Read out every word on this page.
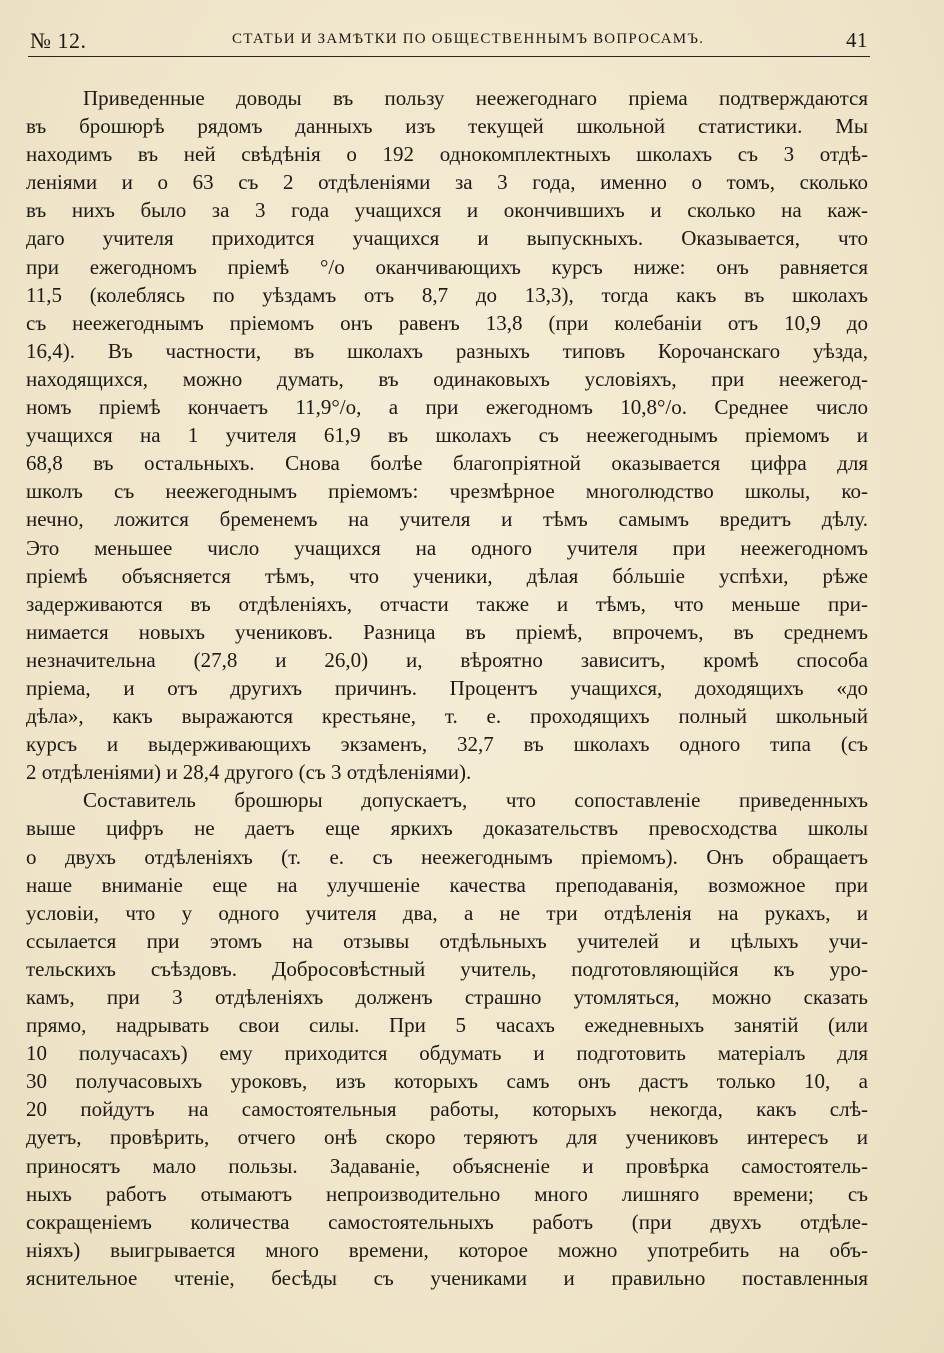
№ 12.	СТАТЬИ И ЗАМѢТКИ ПО ОБЩЕСТВЕННЫМЪ ВОПРОСАМЪ.	41
Приведенные доводы въ пользу неежегоднаго пріема подтверждаются
въ брошюрѣ рядомъ данныхъ изъ текущей школьной статистики. Мы
находимъ въ ней свѣдѣнія о 192 однокомплектныхъ школахъ съ 3 отдѣ-
леніями и о 63 съ 2 отдѣленіями за 3 года, именно о томъ, сколько
въ нихъ было за 3 года учащихся и окончившихъ и сколько на каж-
даго учителя приходится учащихся и выпускныхъ. Оказывается, что
при ежегодномъ пріемѣ °/о оканчивающихъ курсъ ниже: онъ равняется
11,5 (колеблясь по уѣздамъ отъ 8,7 до 13,3), тогда какъ въ школахъ
съ неежегоднымъ пріемомъ онъ равенъ 13,8 (при колебаніи отъ 10,9 до
16,4). Въ частности, въ школахъ разныхъ типовъ Корочанскаго уѣзда,
находящихся, можно думать, въ одинаковыхъ условіяхъ, при неежегод-
номъ пріемѣ кончаетъ 11,9°/о, а при ежегодномъ 10,8°/о. Среднее число
учащихся на 1 учителя 61,9 въ школахъ съ неежегоднымъ пріемомъ и
68,8 въ остальныхъ. Снова болѣе благопріятной оказывается цифра для
школъ съ неежегоднымъ пріемомъ: чрезмѣрное многолюдство школы, ко-
нечно, ложится бременемъ на учителя и тѣмъ самымъ вредитъ дѣлу.
Это меньшее число учащихся на одного учителя при неежегодномъ
пріемѣ объясняется тѣмъ, что ученики, дѣлая бóльшіе успѣхи, рѣже
задерживаются въ отдѣленіяхъ, отчасти также и тѣмъ, что меньше при-
нимается новыхъ учениковъ. Разница въ пріемѣ, впрочемъ, въ среднемъ
незначительна (27,8 и 26,0) и, вѣроятно зависитъ, кромѣ способа
пріема, и отъ другихъ причинъ. Процентъ учащихся, доходящихъ «до
дѣла», какъ выражаются крестьяне, т. е. проходящихъ полный школьный
курсъ и выдерживающихъ экзаменъ, 32,7 въ школахъ одного типа (съ
2 отдѣленіями) и 28,4 другого (съ 3 отдѣленіями).
Составитель брошюры допускаетъ, что сопоставленіе приведенныхъ
выше цифръ не даетъ еще яркихъ доказательствъ превосходства школы
о двухъ отдѣленіяхъ (т. е. съ неежегоднымъ пріемомъ). Онъ обращаетъ
наше вниманіе еще на улучшеніе качества преподаванія, возможное при
условіи, что у одного учителя два, а не три отдѣленія на рукахъ, и
ссылается при этомъ на отзывы отдѣльныхъ учителей и цѣлыхъ учи-
тельскихъ съѣздовъ. Добросовѣстный учитель, подготовляющійся къ уро-
камъ, при 3 отдѣленіяхъ долженъ страшно утомляться, можно сказать
прямо, надрывать свои силы. При 5 часахъ ежедневныхъ занятій (или
10 получасахъ) ему приходится обдумать и подготовить матеріалъ для
30 получасовыхъ уроковъ, изъ которыхъ самъ онъ дастъ только 10, а
20 пойдутъ на самостоятельныя работы, которыхъ некогда, какъ слѣ-
дуетъ, провѣрить, отчего онѣ скоро теряютъ для учениковъ интересъ и
приносятъ мало пользы. Задаваніе, объясненіе и провѣрка самостоятель-
ныхъ работъ отымаютъ непроизводительно много лишняго времени; съ
сокращеніемъ количества самостоятельныхъ работъ (при двухъ отдѣле-
ніяхъ) выигрывается много времени, которое можно употребить на объ-
яснительное чтеніе, бесѣды съ учениками и правильно поставленныя
